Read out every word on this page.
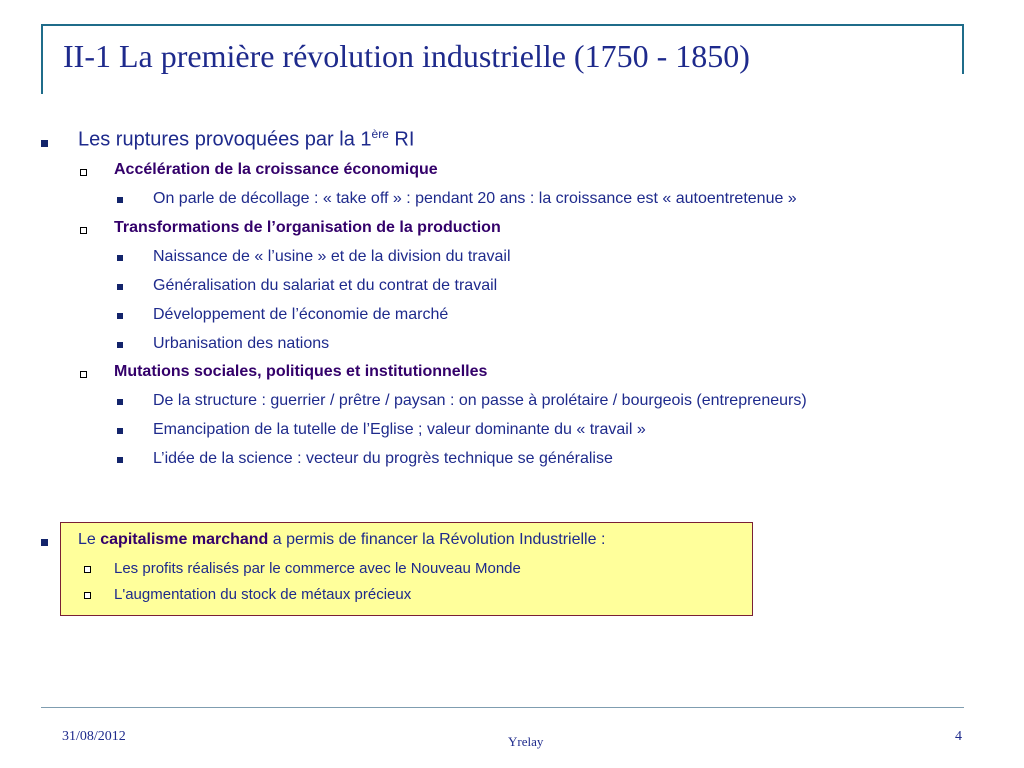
II-1 La première révolution industrielle (1750 - 1850)
Les ruptures provoquées par la 1ère RI
Accélération de la croissance économique
On parle de décollage : « take off » : pendant 20 ans : la croissance est « autoentretenue »
Transformations de l’organisation de la production
Naissance de « l’usine » et de la division du travail
Généralisation du salariat et du contrat de travail
Développement de l’économie de marché
Urbanisation des nations
Mutations sociales, politiques et institutionnelles
De la structure : guerrier / prêtre / paysan : on passe à prolétaire / bourgeois (entrepreneurs)
Emancipation de la tutelle de l’Eglise ; valeur dominante du « travail »
L’idée de la science : vecteur du progrès technique se généralise
Le capitalisme marchand a permis de financer la Révolution Industrielle :
Les profits réalisés par le commerce avec le Nouveau Monde
L'augmentation du stock de métaux précieux
31/08/2012	Yrelay	4
